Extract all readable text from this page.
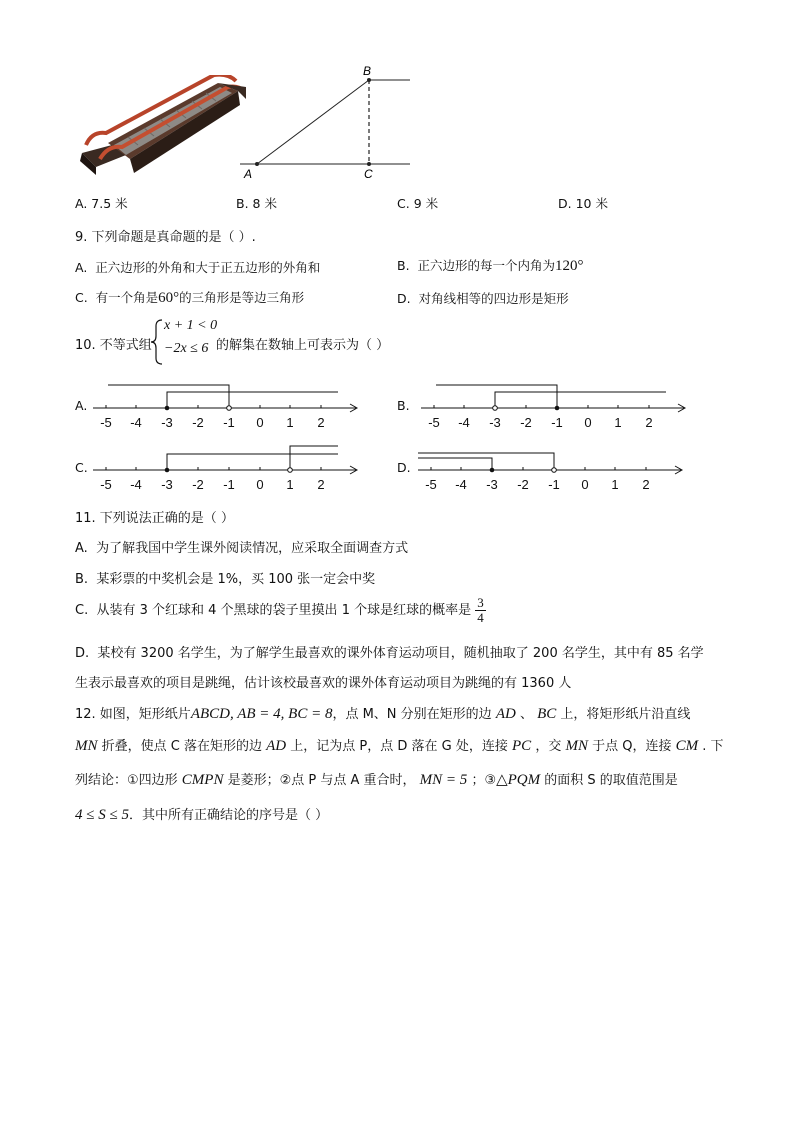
A
B
C
A. 7.5 米	B. 8 米	C. 9 米	D. 10 米
9. 下列命题是真命题的是（ ）.
A. 正六边形的外角和大于正五边形的外角和	B. 正六边形的每一个内角为120°
C. 有一个角是60°的三角形是等边三角形	D. 对角线相等的四边形是矩形
10. 不等式组
x + 1 < 0
−2x ≤ 6 的解集在数轴上可表示为（ ）
A.	B.
C.	D.
-5 -4 -3 -2 -1 0 1 2	-5 -4 -3 -2 -1 0 1 2
-5 -4 -3 -2 -1 0 1 2	-5 -4 -3 -2 -1 0 1 2
11. 下列说法正确的是（ ）
A. 为了解我国中学生课外阅读情况，应采取全面调查方式
B. 某彩票的中奖机会是 1%，买 100 张一定会中奖
C. 从装有 3 个红球和 4 个黑球的袋子里摸出 1 个球是红球的概率是 $\frac{3}{4}$
D. 某校有 3200 名学生，为了解学生最喜欢的课外体育运动项目，随机抽取了 200 名学生，其中有 85 名学
生表示最喜欢的项目是跳绳，估计该校最喜欢的课外体育运动项目为跳绳的有 1360 人
12. 如图，矩形纸片ABCD, AB = 4, BC = 8，点 M、N 分别在矩形的边 AD 、 BC 上，将矩形纸片沿直线
MN 折叠，使点 C 落在矩形的边 AD 上，记为点 P，点 D 落在 G 处，连接 PC ，交 MN 于点 Q，连接 CM . 下
列结论：①四边形 CMPN 是菱形；②点 P 与点 A 重合时， MN = 5 ；③△PQM 的面积 S 的取值范围是
4 ≤ S ≤ 5．其中所有正确结论的序号是（ ）
